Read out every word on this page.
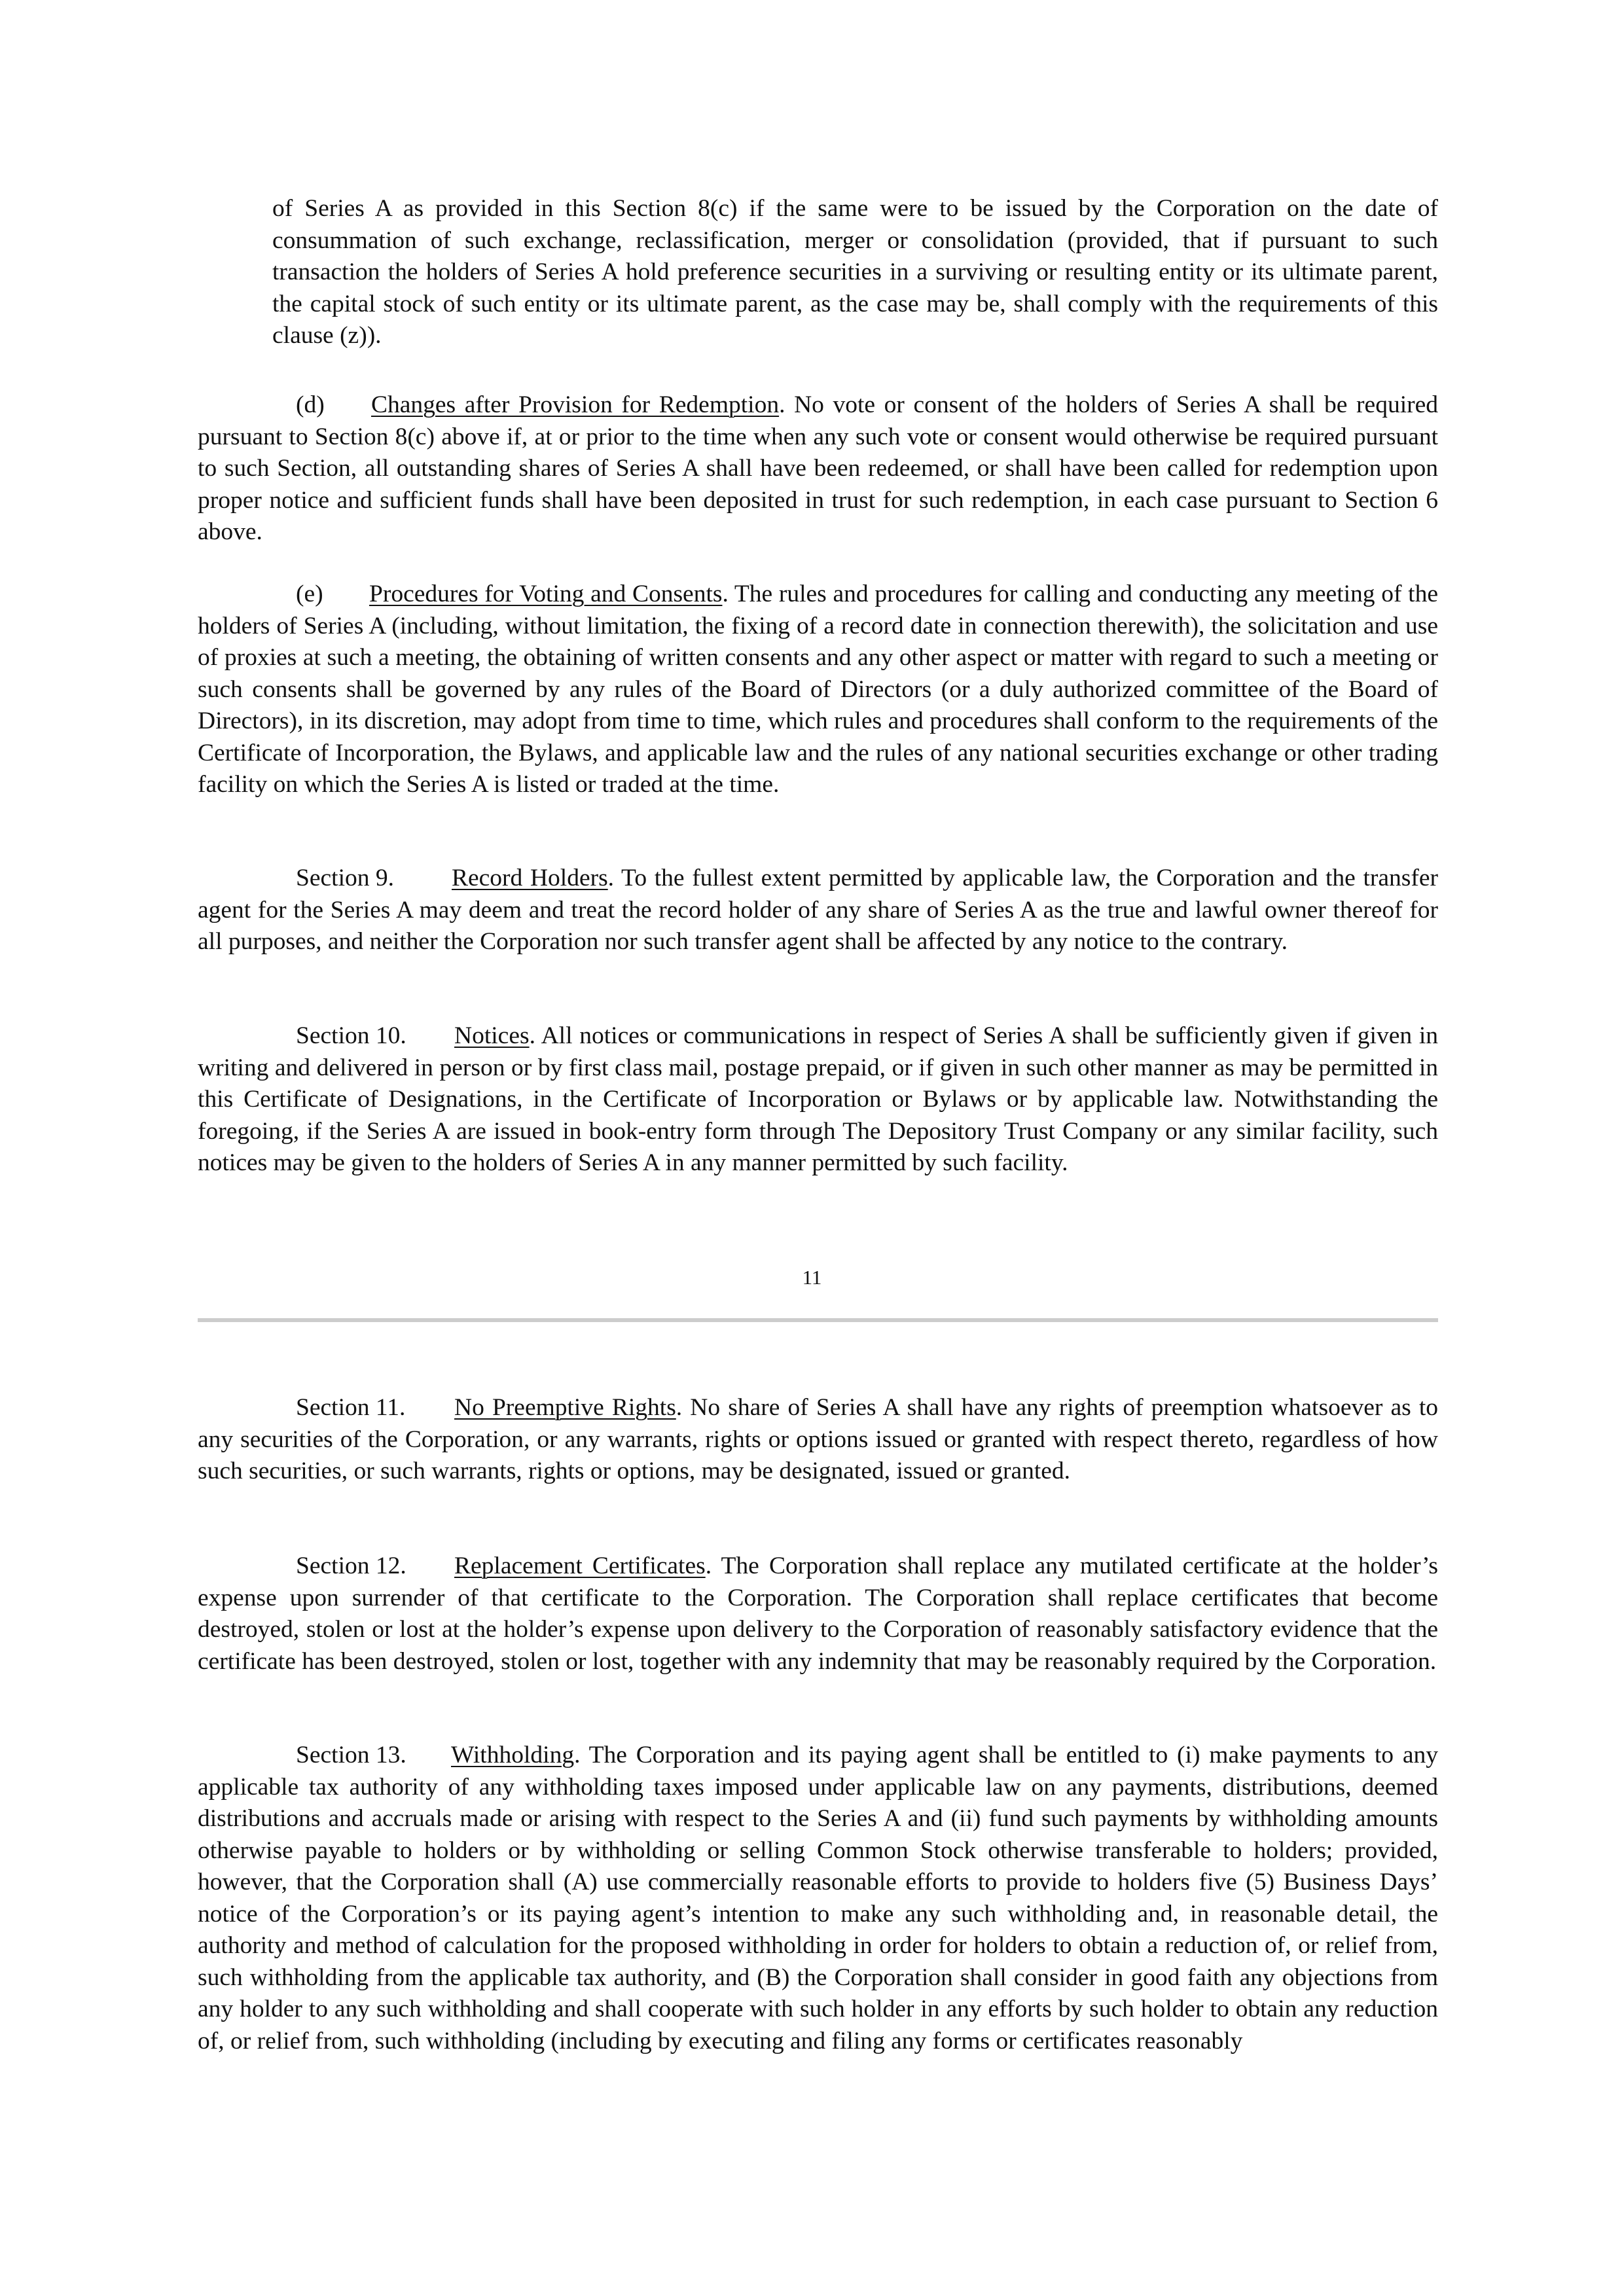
of Series A as provided in this Section 8(c) if the same were to be issued by the Corporation on the date of consummation of such exchange, reclassification, merger or consolidation (provided, that if pursuant to such transaction the holders of Series A hold preference securities in a surviving or resulting entity or its ultimate parent, the capital stock of such entity or its ultimate parent, as the case may be, shall comply with the requirements of this clause (z)).
(d) Changes after Provision for Redemption. No vote or consent of the holders of Series A shall be required pursuant to Section 8(c) above if, at or prior to the time when any such vote or consent would otherwise be required pursuant to such Section, all outstanding shares of Series A shall have been redeemed, or shall have been called for redemption upon proper notice and sufficient funds shall have been deposited in trust for such redemption, in each case pursuant to Section 6 above.
(e) Procedures for Voting and Consents. The rules and procedures for calling and conducting any meeting of the holders of Series A (including, without limitation, the fixing of a record date in connection therewith), the solicitation and use of proxies at such a meeting, the obtaining of written consents and any other aspect or matter with regard to such a meeting or such consents shall be governed by any rules of the Board of Directors (or a duly authorized committee of the Board of Directors), in its discretion, may adopt from time to time, which rules and procedures shall conform to the requirements of the Certificate of Incorporation, the Bylaws, and applicable law and the rules of any national securities exchange or other trading facility on which the Series A is listed or traded at the time.
Section 9. Record Holders. To the fullest extent permitted by applicable law, the Corporation and the transfer agent for the Series A may deem and treat the record holder of any share of Series A as the true and lawful owner thereof for all purposes, and neither the Corporation nor such transfer agent shall be affected by any notice to the contrary.
Section 10. Notices. All notices or communications in respect of Series A shall be sufficiently given if given in writing and delivered in person or by first class mail, postage prepaid, or if given in such other manner as may be permitted in this Certificate of Designations, in the Certificate of Incorporation or Bylaws or by applicable law. Notwithstanding the foregoing, if the Series A are issued in book-entry form through The Depository Trust Company or any similar facility, such notices may be given to the holders of Series A in any manner permitted by such facility.
11
Section 11. No Preemptive Rights. No share of Series A shall have any rights of preemption whatsoever as to any securities of the Corporation, or any warrants, rights or options issued or granted with respect thereto, regardless of how such securities, or such warrants, rights or options, may be designated, issued or granted.
Section 12. Replacement Certificates. The Corporation shall replace any mutilated certificate at the holder’s expense upon surrender of that certificate to the Corporation. The Corporation shall replace certificates that become destroyed, stolen or lost at the holder’s expense upon delivery to the Corporation of reasonably satisfactory evidence that the certificate has been destroyed, stolen or lost, together with any indemnity that may be reasonably required by the Corporation.
Section 13. Withholding. The Corporation and its paying agent shall be entitled to (i) make payments to any applicable tax authority of any withholding taxes imposed under applicable law on any payments, distributions, deemed distributions and accruals made or arising with respect to the Series A and (ii) fund such payments by withholding amounts otherwise payable to holders or by withholding or selling Common Stock otherwise transferable to holders; provided, however, that the Corporation shall (A) use commercially reasonable efforts to provide to holders five (5) Business Days’ notice of the Corporation’s or its paying agent’s intention to make any such withholding and, in reasonable detail, the authority and method of calculation for the proposed withholding in order for holders to obtain a reduction of, or relief from, such withholding from the applicable tax authority, and (B) the Corporation shall consider in good faith any objections from any holder to any such withholding and shall cooperate with such holder in any efforts by such holder to obtain any reduction of, or relief from, such withholding (including by executing and filing any forms or certificates reasonably
